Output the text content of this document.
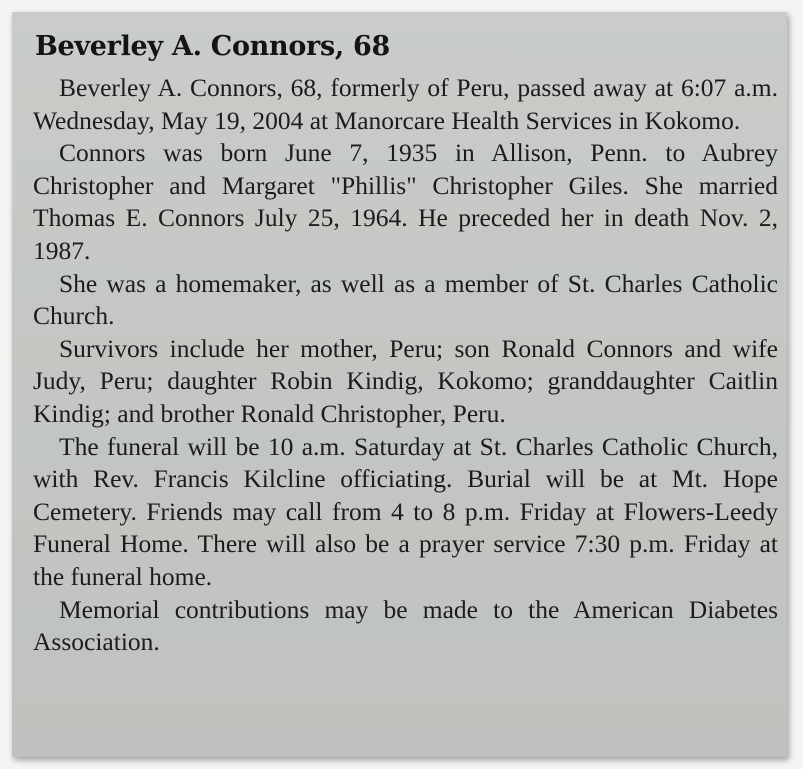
Beverley A. Connors, 68

Beverley A. Connors, 68, formerly of Peru, passed away at 6:07 a.m. Wednesday, May 19, 2004 at Manorcare Health Services in Kokomo.

Connors was born June 7, 1935 in Allison, Penn. to Aubrey Christopher and Margaret "Phillis" Christopher Giles. She married Thomas E. Connors July 25, 1964. He preceded her in death Nov. 2, 1987.

She was a homemaker, as well as a member of St. Charles Catholic Church.

Survivors include her mother, Peru; son Ronald Connors and wife Judy, Peru; daughter Robin Kindig, Kokomo; granddaughter Caitlin Kindig; and brother Ronald Christopher, Peru.

The funeral will be 10 a.m. Saturday at St. Charles Catholic Church, with Rev. Francis Kilcline officiating. Burial will be at Mt. Hope Cemetery. Friends may call from 4 to 8 p.m. Friday at Flowers-Leedy Funeral Home. There will also be a prayer service 7:30 p.m. Friday at the funeral home.

Memorial contributions may be made to the American Diabetes Association.
